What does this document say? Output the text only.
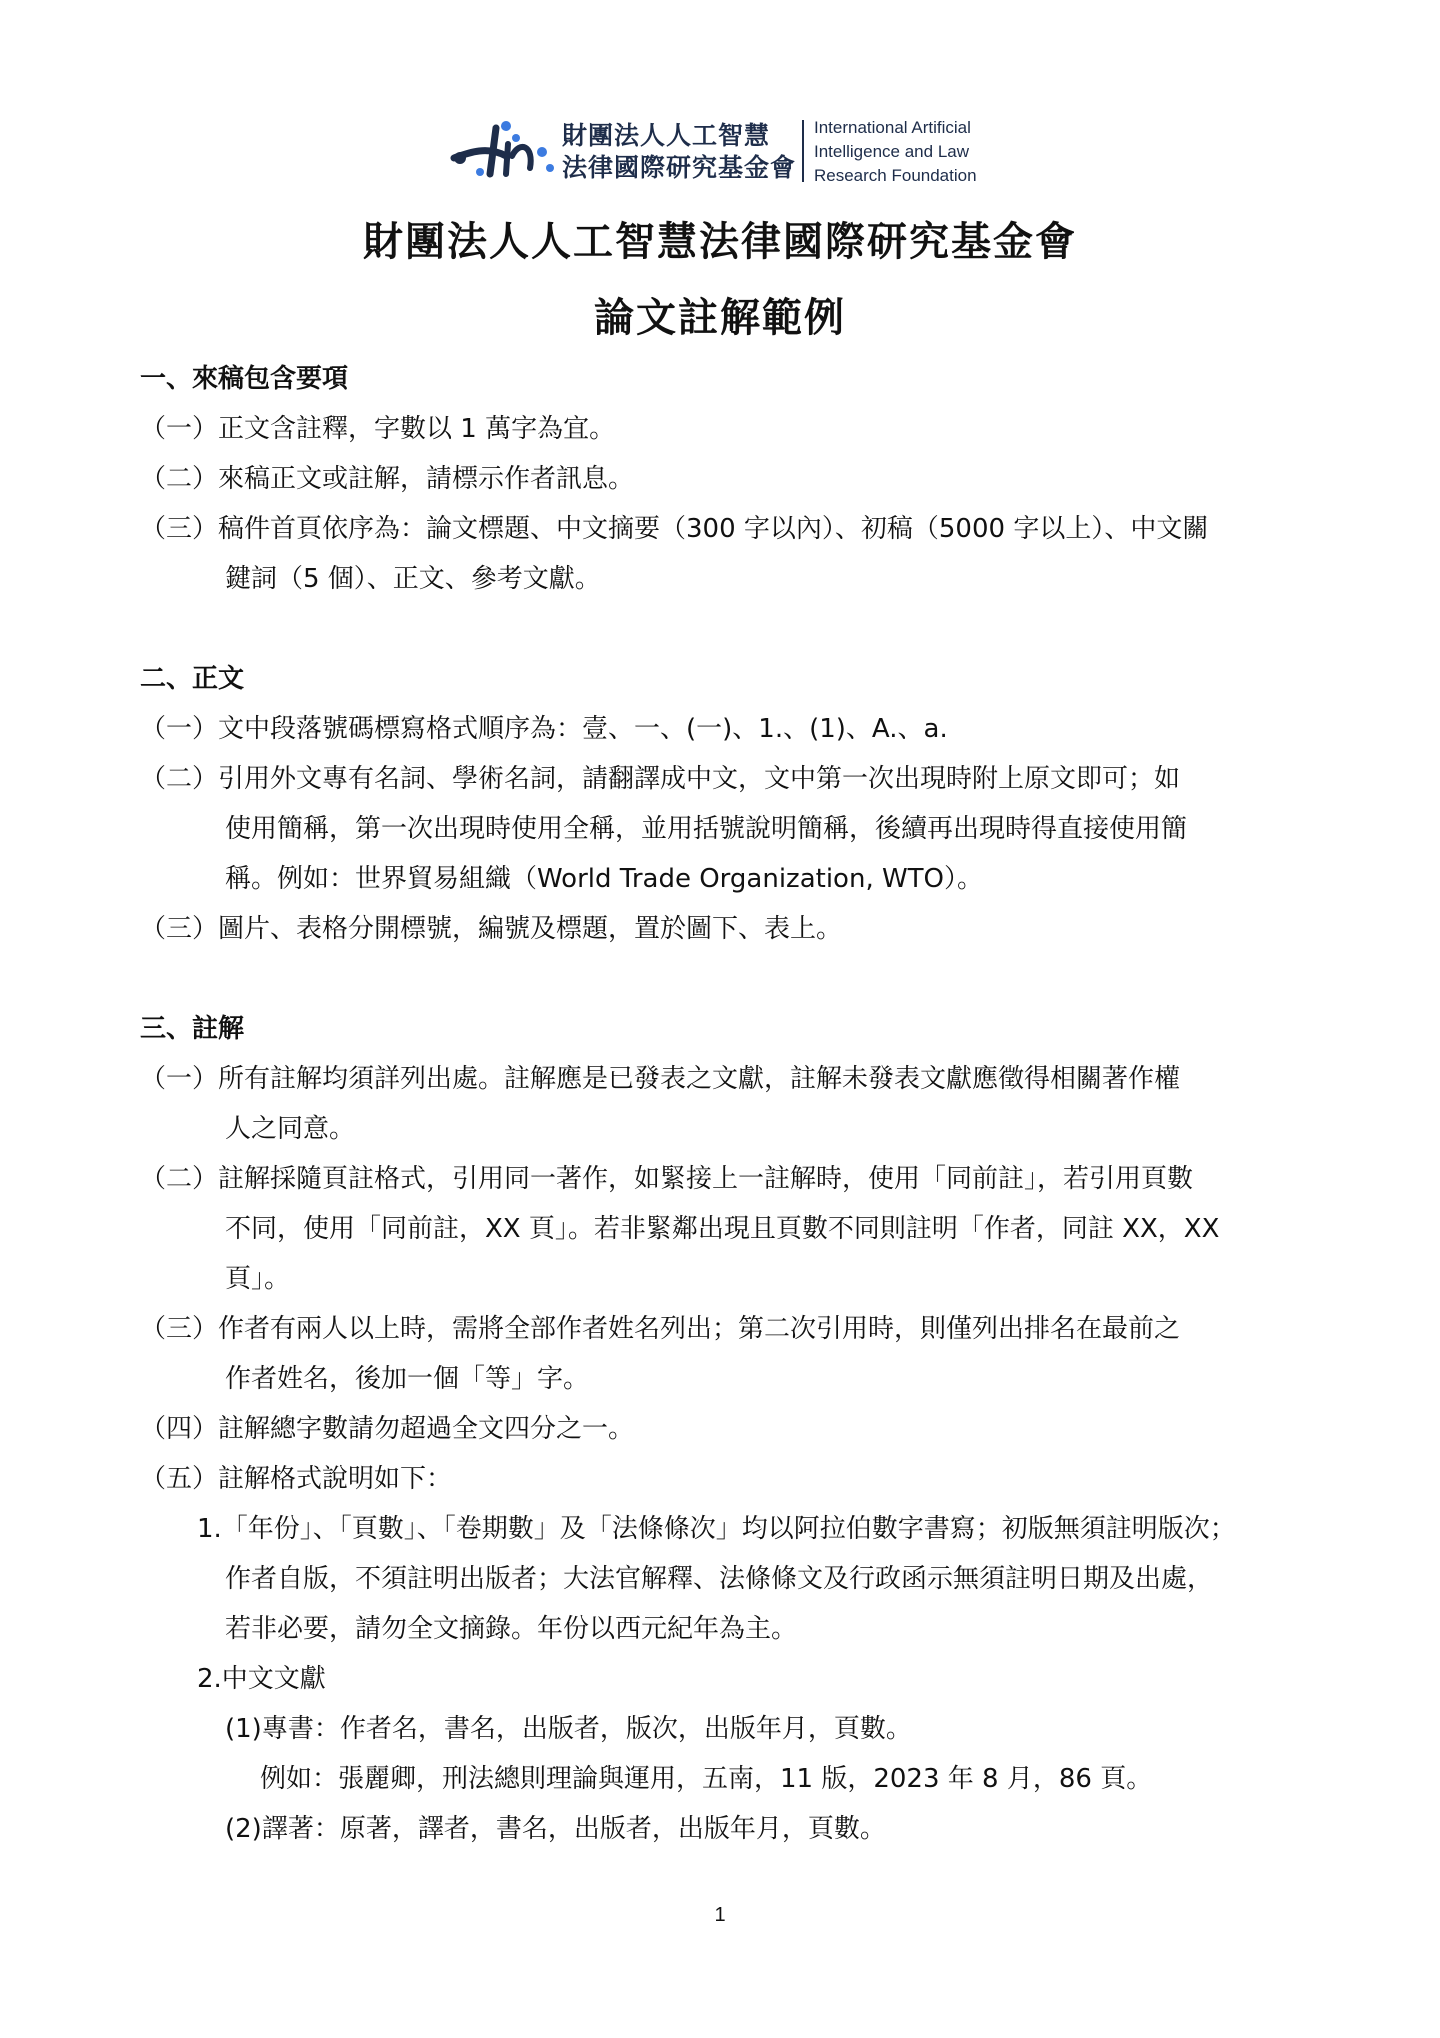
財團法人人工智慧
法律國際研究基金會
International Artificial
Intelligence and Law
Research Foundation
財團法人人工智慧法律國際研究基金會
論文註解範例
一、來稿包含要項
（一）正文含註釋，字數以 1 萬字為宜。
（二）來稿正文或註解，請標示作者訊息。
（三）稿件首頁依序為：論文標題、中文摘要（300 字以內）、初稿（5000 字以上）、中文關
鍵詞（5 個）、正文、參考文獻。
二、正文
（一）文中段落號碼標寫格式順序為：壹、一、(一)、1.、(1)、A.、a.
（二）引用外文專有名詞、學術名詞，請翻譯成中文，文中第一次出現時附上原文即可；如
使用簡稱，第一次出現時使用全稱，並用括號說明簡稱，後續再出現時得直接使用簡
稱。例如：世界貿易組織（World Trade Organization, WTO）。
（三）圖片、表格分開標號，編號及標題，置於圖下、表上。
三、註解
（一）所有註解均須詳列出處。註解應是已發表之文獻，註解未發表文獻應徵得相關著作權
人之同意。
（二）註解採隨頁註格式，引用同一著作，如緊接上一註解時，使用「同前註」，若引用頁數
不同，使用「同前註，XX 頁」。若非緊鄰出現且頁數不同則註明「作者，同註 XX，XX
頁」。
（三）作者有兩人以上時，需將全部作者姓名列出；第二次引用時，則僅列出排名在最前之
作者姓名，後加一個「等」字。
（四）註解總字數請勿超過全文四分之一。
（五）註解格式說明如下：
1.「年份」、「頁數」、「卷期數」及「法條條次」均以阿拉伯數字書寫；初版無須註明版次；
作者自版，不須註明出版者；大法官解釋、法條條文及行政函示無須註明日期及出處，
若非必要，請勿全文摘錄。年份以西元紀年為主。
2.中文文獻
(1)專書：作者名，書名，出版者，版次，出版年月，頁數。
例如：張麗卿，刑法總則理論與運用，五南，11 版，2023 年 8 月，86 頁。
(2)譯著：原著，譯者，書名，出版者，出版年月，頁數。
1
